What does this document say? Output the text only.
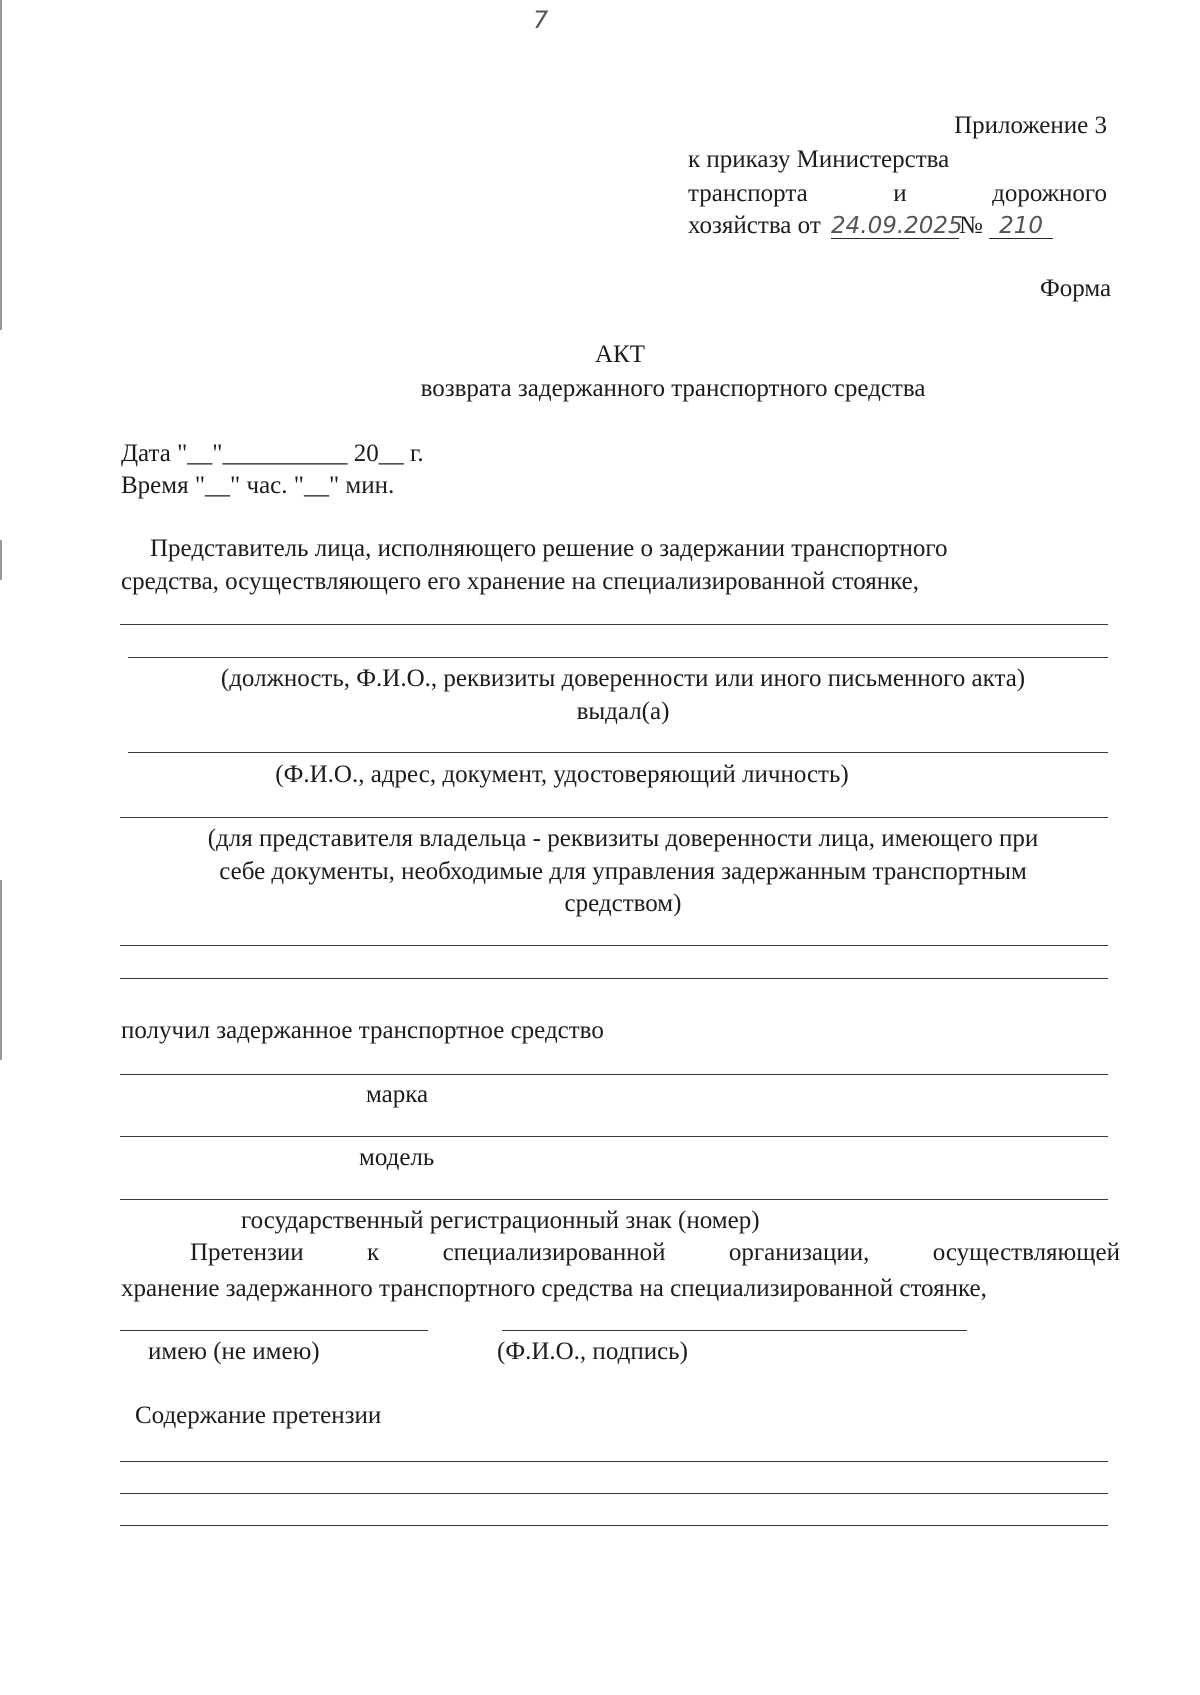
7
Приложение 3
к приказу Министерства
транспорта	и	дорожного
хозяйства от 24.09.2025№ 210
Форма
АКТ
возврата задержанного транспортного средства
Дата "__"__________ 20__ г.
Время "__" час. "__" мин.
Представитель лица, исполняющего решение о задержании транспортного
средства, осуществляющего его хранение на специализированной стоянке,
(должность, Ф.И.О., реквизиты доверенности или иного письменного акта)
выдал(а)
(Ф.И.О., адрес, документ, удостоверяющий личность)
(для представителя владельца - реквизиты доверенности лица, имеющего при
себе документы, необходимые для управления задержанным транспортным
средством)
получил задержанное транспортное средство
марка
модель
государственный регистрационный знак (номер)
Претензии	к	специализированной	организации,	осуществляющей
хранение задержанного транспортного средства на специализированной стоянке,
имею (не имею)	(Ф.И.О., подпись)
Содержание претензии
